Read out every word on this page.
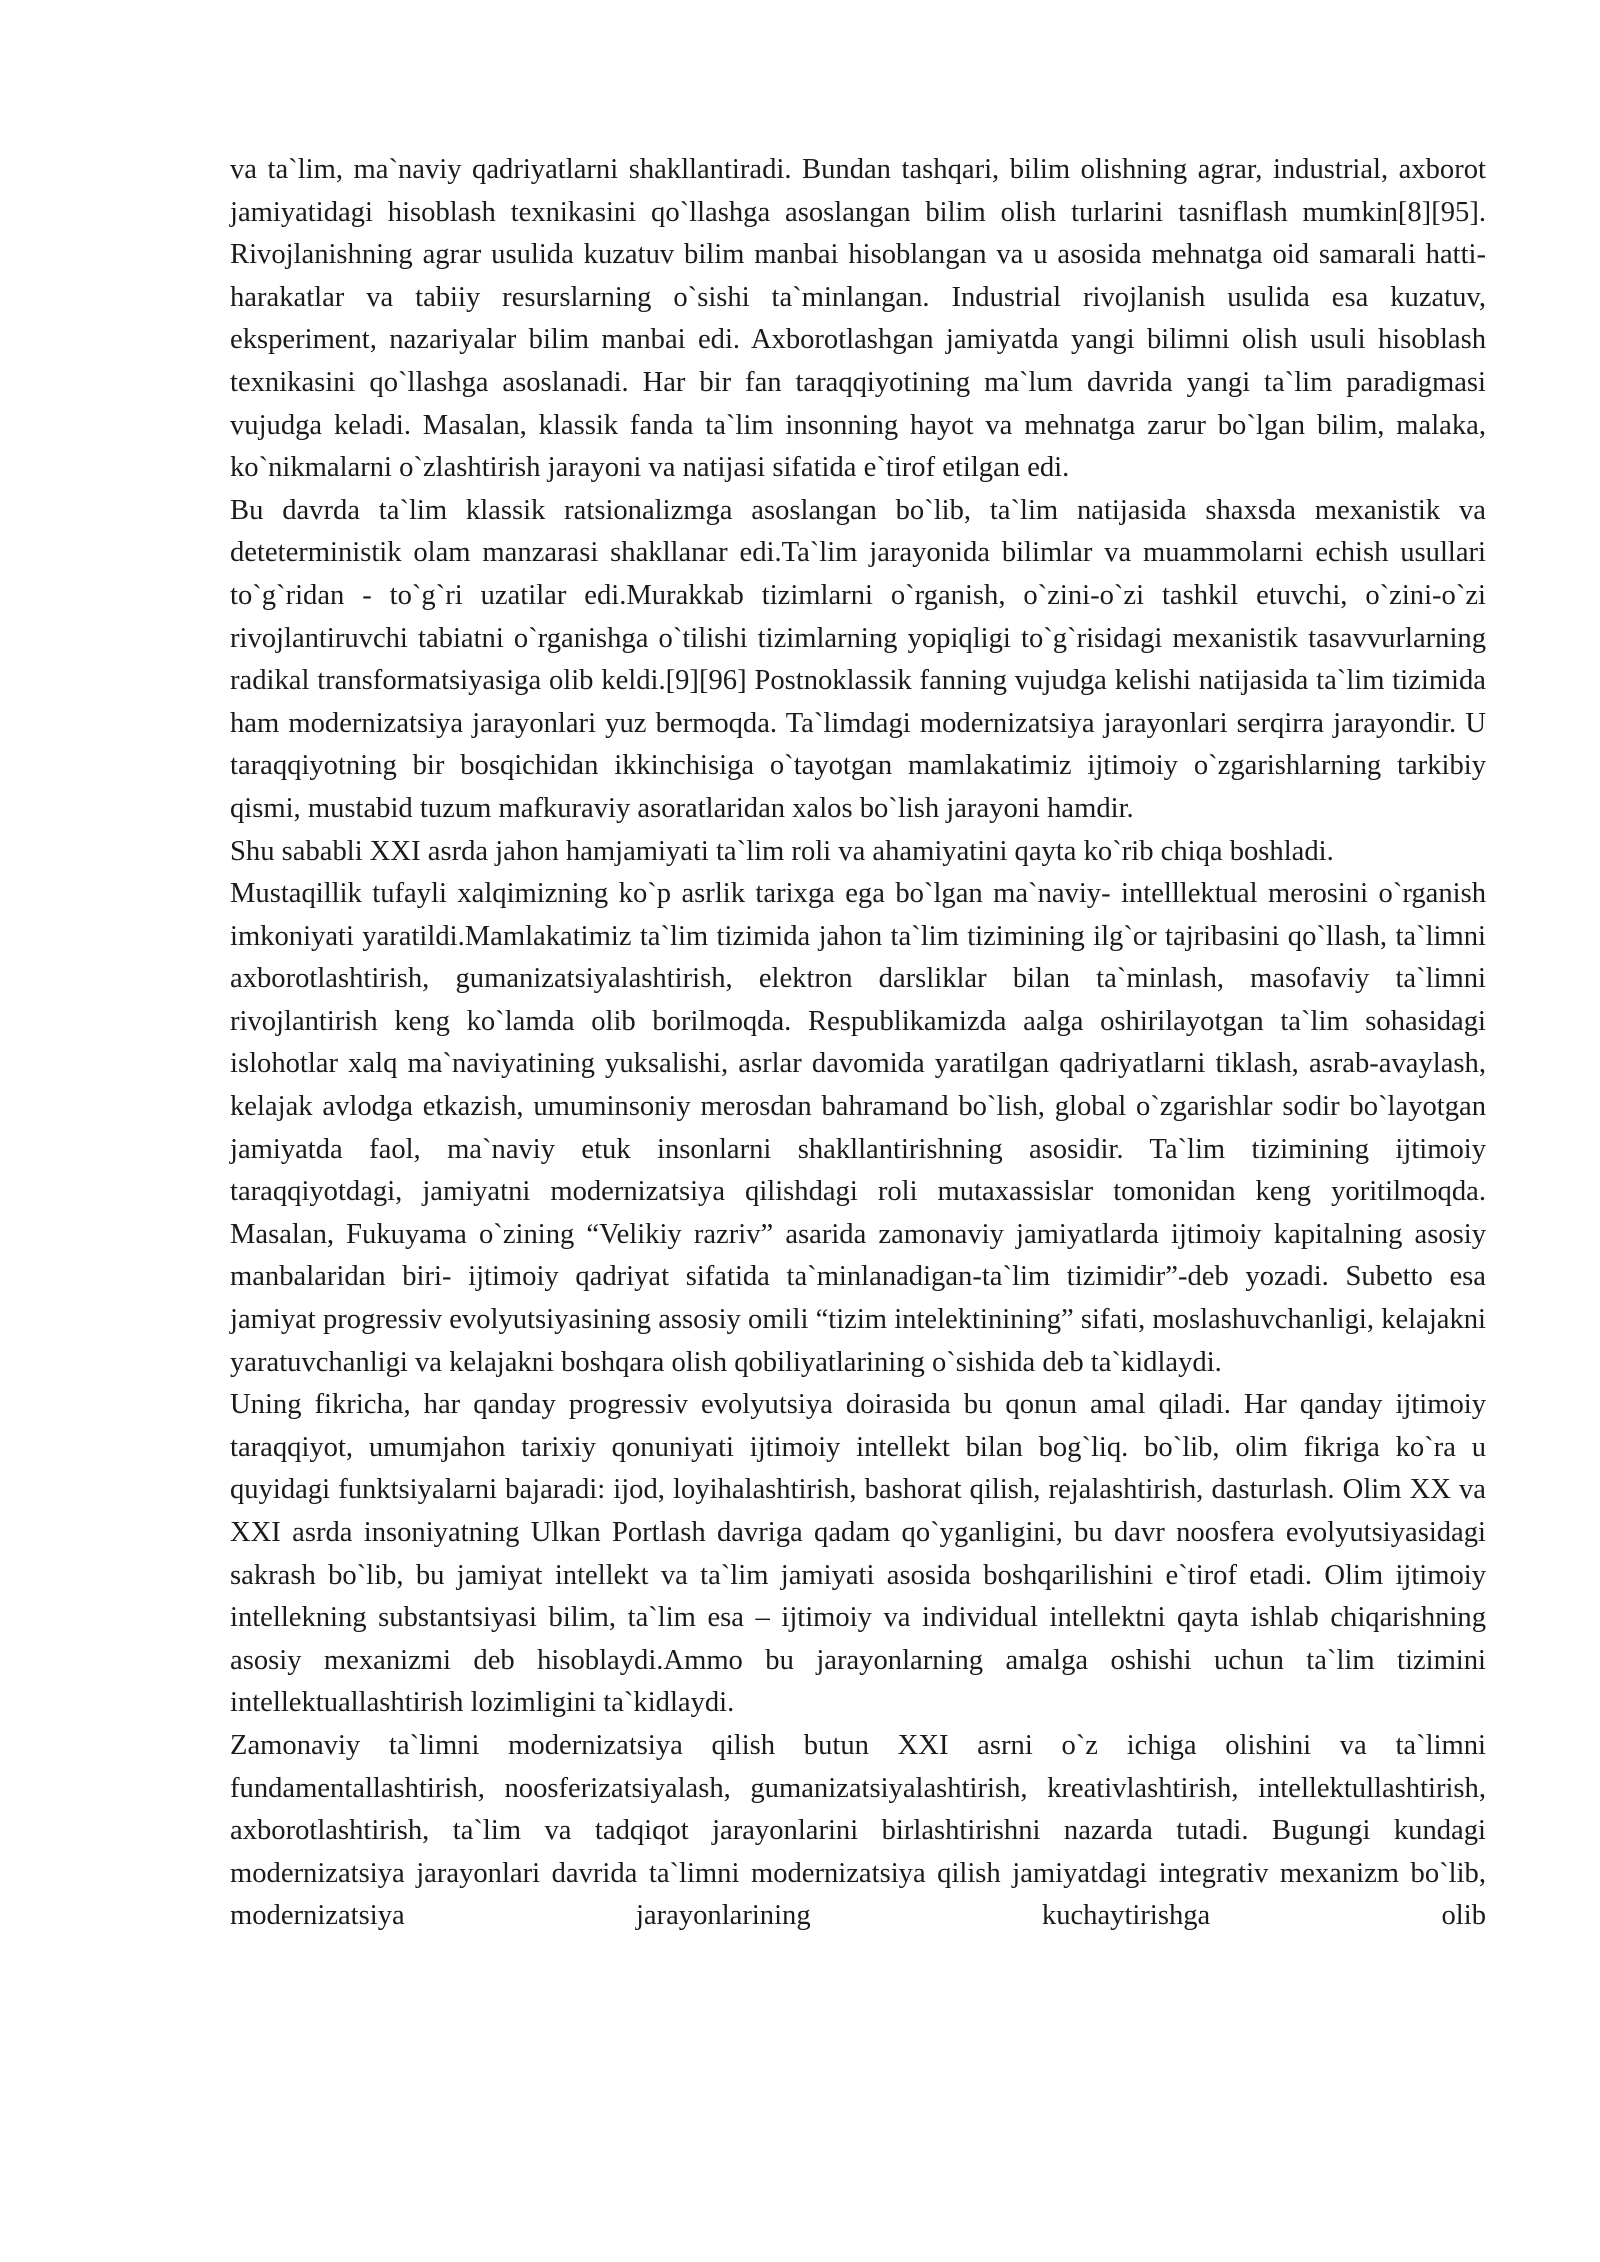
va ta`lim, ma`naviy qadriyatlarni shakllantiradi. Bundan tashqari, bilim olishning agrar, industrial, axborot jamiyatidagi hisoblash texnikasini qo`llashga asoslangan bilim olish turlarini tasniflash mumkin[8][95]. Rivojlanishning agrar usulida kuzatuv bilim manbai hisoblangan va u asosida mehnatga oid samarali hatti-harakatlar va tabiiy resurslarning o`sishi ta`minlangan. Industrial rivojlanish usulida esa kuzatuv, eksperiment, nazariyalar bilim manbai edi. Axborotlashgan jamiyatda yangi bilimni olish usuli hisoblash texnikasini qo`llashga asoslanadi. Har bir fan taraqqiyotining ma`lum davrida yangi ta`lim paradigmasi vujudga keladi. Masalan, klassik fanda ta`lim insonning hayot va mehnatga zarur bo`lgan bilim, malaka, ko`nikmalarni o`zlashtirish jarayoni va natijasi sifatida e`tirof etilgan edi.

Bu davrda ta`lim klassik ratsionalizmga asoslangan bo`lib, ta`lim natijasida shaxsda mexanistik va deteterministik olam manzarasi shakllanar edi.Ta`lim jarayonida bilimlar va muammolarni echish usullari to`g`ridan - to`g`ri uzatilar edi.Murakkab tizimlarni o`rganish, o`zini-o`zi tashkil etuvchi, o`zini-o`zi rivojlantiruvchi tabiatni o`rganishga o`tilishi tizimlarning yopiqligi to`g`risidagi mexanistik tasavvurlarning radikal transformatsiyasiga olib keldi.[9][96] Postnoklassik fanning vujudga kelishi natijasida ta`lim tizimida ham modernizatsiya jarayonlari yuz bermoqda. Ta`limdagi modernizatsiya jarayonlari serqirra jarayondir. U taraqqiyotning bir bosqichidan ikkinchisiga o`tayotgan mamlakatimiz ijtimoiy o`zgarishlarning tarkibiy qismi, mustabid tuzum mafkuraviy asoratlaridan xalos bo`lish jarayoni hamdir.

Shu sababli XXI asrda jahon hamjamiyati ta`lim roli va ahamiyatini qayta ko`rib chiqa boshladi.

Mustaqillik tufayli xalqimizning ko`p asrlik tarixga ega bo`lgan ma`naviy- intelllektual merosini o`rganish imkoniyati yaratildi.Mamlakatimiz ta`lim tizimida jahon ta`lim tizimining ilg`or tajribasini qo`llash, ta`limni axborotlashtirish, gumanizatsiyalashtirish, elektron darsliklar bilan ta`minlash, masofaviy ta`limni rivojlantirish keng ko`lamda olib borilmoqda. Respublikamizda aalga oshirilayotgan ta`lim sohasidagi islohotlar xalq ma`naviyatining yuksalishi, asrlar davomida yaratilgan qadriyatlarni tiklash, asrab-avaylash, kelajak avlodga etkazish, umuminsoniy merosdan bahramand bo`lish, global o`zgarishlar sodir bo`layotgan jamiyatda faol, ma`naviy etuk insonlarni shakllantirishning asosidir. Ta`lim tizimining ijtimoiy taraqqiyotdagi, jamiyatni modernizatsiya qilishdagi roli mutaxassislar tomonidan keng yoritilmoqda. Masalan, Fukuyama o`zining “Velikiy razriv” asarida zamonaviy jamiyatlarda ijtimoiy kapitalning asosiy manbalaridan biri- ijtimoiy qadriyat sifatida ta`minlanadigan-ta`lim tizimidir”-deb yozadi. Subetto esa jamiyat progressiv evolyutsiyasining assosiy omili “tizim intelektinining” sifati, moslashuvchanligi, kelajakni yaratuvchanligi va kelajakni boshqara olish qobiliyatlarining o`sishida deb ta`kidlaydi.

Uning fikricha, har qanday progressiv evolyutsiya doirasida bu qonun amal qiladi. Har qanday ijtimoiy taraqqiyot, umumjahon tarixiy qonuniyati ijtimoiy intellekt bilan bog`liq. bo`lib, olim fikriga ko`ra u quyidagi funktsiyalarni bajaradi: ijod, loyihalashtirish, bashorat qilish, rejalashtirish, dasturlash. Olim XX va XXI asrda insoniyatning Ulkan Portlash davriga qadam qo`yganligini, bu davr noosfera evolyutsiyasidagi sakrash bo`lib, bu jamiyat intellekt va ta`lim jamiyati asosida boshqarilishini e`tirof etadi. Olim ijtimoiy intellekning substantsiyasi bilim, ta`lim esa – ijtimoiy va individual intellektni qayta ishlab chiqarishning asosiy mexanizmi deb hisoblaydi.Ammo bu jarayonlarning amalga oshishi uchun ta`lim tizimini intellektuallashtirish lozimligini ta`kidlaydi.

Zamonaviy ta`limni modernizatsiya qilish butun XXI asrni o`z ichiga olishini va ta`limni fundamentallashtirish, noosferizatsiyalash, gumanizatsiyalashtirish, kreativlashtirish, intellektullashtirish, axborotlashtirish, ta`lim va tadqiqot jarayonlarini birlashtirishni nazarda tutadi. Bugungi kundagi modernizatsiya jarayonlari davrida ta`limni modernizatsiya qilish jamiyatdagi integrativ mexanizm bo`lib, modernizatsiya jarayonlarining kuchaytirishga olib
